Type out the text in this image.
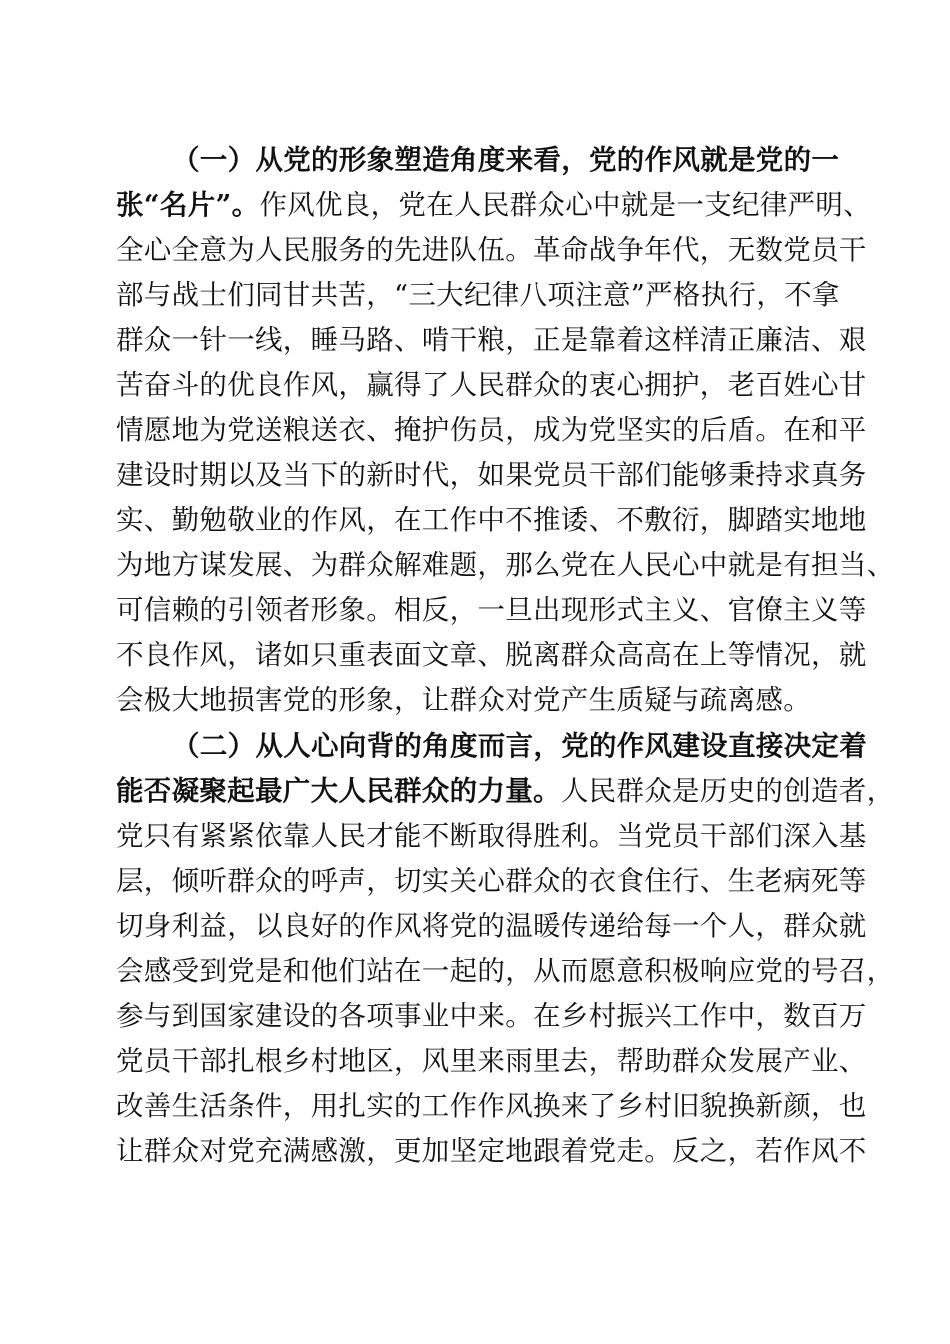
（一）从党的形象塑造角度来看，党的作风就是党的一
张“名片”。作风优良，党在人民群众心中就是一支纪律严明、
全心全意为人民服务的先进队伍。革命战争年代，无数党员干
部与战士们同甘共苦，“三大纪律八项注意”严格执行，不拿
群众一针一线，睡马路、啃干粮，正是靠着这样清正廉洁、艰
苦奋斗的优良作风，赢得了人民群众的衷心拥护，老百姓心甘
情愿地为党送粮送衣、掩护伤员，成为党坚实的后盾。在和平
建设时期以及当下的新时代，如果党员干部们能够秉持求真务
实、勤勉敬业的作风，在工作中不推诿、不敷衍，脚踏实地地
为地方谋发展、为群众解难题，那么党在人民心中就是有担当、
可信赖的引领者形象。相反，一旦出现形式主义、官僚主义等
不良作风，诸如只重表面文章、脱离群众高高在上等情况，就
会极大地损害党的形象，让群众对党产生质疑与疏离感。
（二）从人心向背的角度而言，党的作风建设直接决定着
能否凝聚起最广大人民群众的力量。人民群众是历史的创造者，
党只有紧紧依靠人民才能不断取得胜利。当党员干部们深入基
层，倾听群众的呼声，切实关心群众的衣食住行、生老病死等
切身利益，以良好的作风将党的温暖传递给每一个人，群众就
会感受到党是和他们站在一起的，从而愿意积极响应党的号召，
参与到国家建设的各项事业中来。在乡村振兴工作中，数百万
党员干部扎根乡村地区，风里来雨里去，帮助群众发展产业、
改善生活条件，用扎实的工作作风换来了乡村旧貌换新颜，也
让群众对党充满感激，更加坚定地跟着党走。反之，若作风不
